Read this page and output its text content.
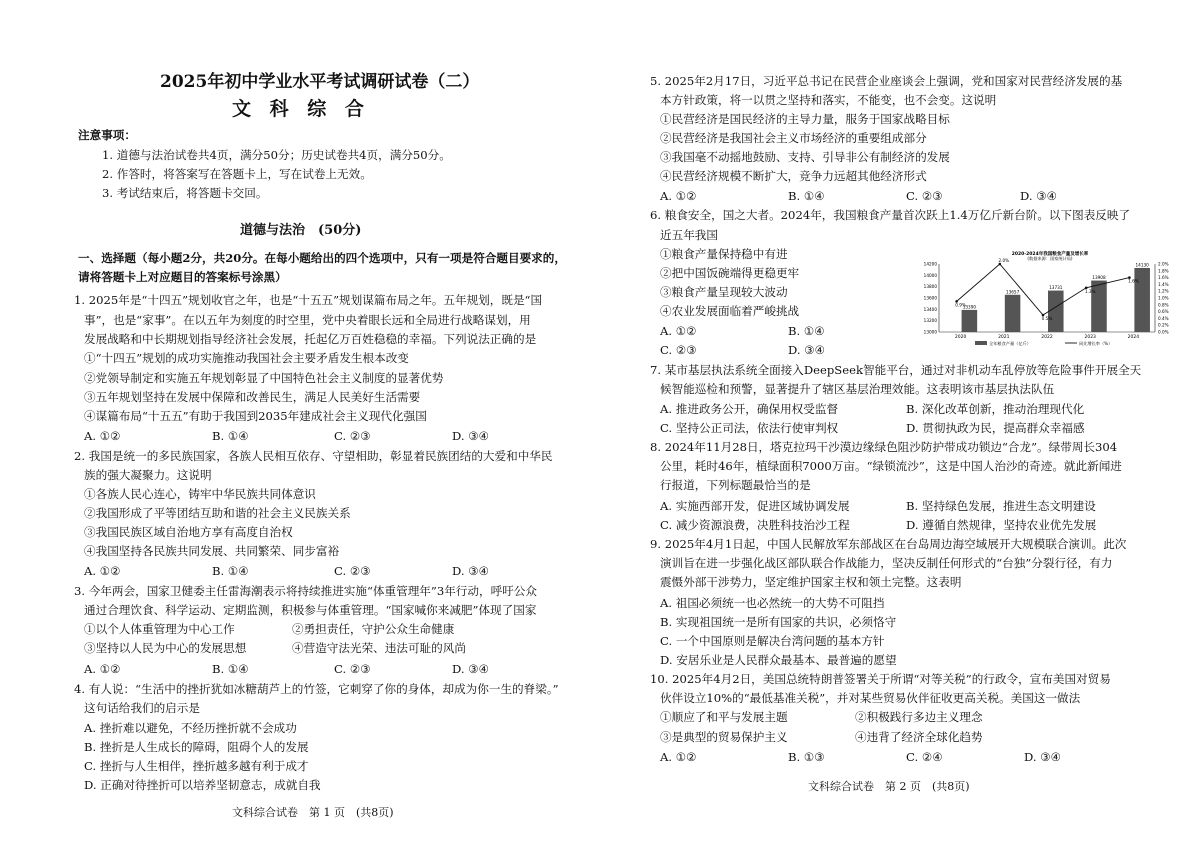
2025年初中学业水平考试调研试卷（二）
文 科 综 合
注意事项：
1. 道德与法治试卷共4页，满分50分；历史试卷共4页，满分50分。
2. 作答时，将答案写在答题卡上，写在试卷上无效。
3. 考试结束后，将答题卡交回。
道德与法治　(50分)
一、选择题（每小题2分，共20分。在每小题给出的四个选项中，只有一项是符合题目要求的，
请将答题卡上对应题目的答案标号涂黑）
1. 2025年是“十四五”规划收官之年，也是“十五五”规划谋篇布局之年。五年规划，既是“国
事”，也是“家事”。在以五年为刻度的时空里，党中央着眼长远和全局进行战略谋划，用
发展战略和中长期规划指导经济社会发展，托起亿万百姓稳稳的幸福。下列说法正确的是
①“十四五”规划的成功实施推动我国社会主要矛盾发生根本改变
②党领导制定和实施五年规划彰显了中国特色社会主义制度的显著优势
③五年规划坚持在发展中保障和改善民生，满足人民美好生活需要
④谋篇布局“十五五”有助于我国到2035年建成社会主义现代化强国
A. ①②	B. ①④	C. ②③	D. ③④
2. 我国是统一的多民族国家，各族人民相互依存、守望相助，彰显着民族团结的大爱和中华民
族的强大凝聚力。这说明
①各族人民心连心，铸牢中华民族共同体意识
②我国形成了平等团结互助和谐的社会主义民族关系
③我国民族区域自治地方享有高度自治权
④我国坚持各民族共同发展、共同繁荣、同步富裕
A. ①②	B. ①④	C. ②③	D. ③④
3. 今年两会，国家卫健委主任雷海潮表示将持续推进实施“体重管理年”3年行动，呼吁公众
通过合理饮食、科学运动、定期监测，积极参与体重管理。“国家喊你来减肥”体现了国家
①以个人体重管理为中心工作	②勇担责任，守护公众生命健康
③坚持以人民为中心的发展思想	④营造守法光荣、违法可耻的风尚
A. ①②	B. ①④	C. ②③	D. ③④
4. 有人说：“生活中的挫折犹如冰糖葫芦上的竹签，它刺穿了你的身体，却成为你一生的脊梁。”
这句话给我们的启示是
A. 挫折难以避免，不经历挫折就不会成功
B. 挫折是人生成长的障碍，阻碍个人的发展
C. 挫折与人生相伴，挫折越多越有利于成才
D. 正确对待挫折可以培养坚韧意志，成就自我
文科综合试卷　第 1 页　(共8页)
5. 2025年2月17日，习近平总书记在民营企业座谈会上强调，党和国家对民营经济发展的基
本方针政策，将一以贯之坚持和落实，不能变，也不会变。这说明
①民营经济是国民经济的主导力量，服务于国家战略目标
②民营经济是我国社会主义市场经济的重要组成部分
③我国毫不动摇地鼓励、支持、引导非公有制经济的发展
④民营经济规模不断扩大，竞争力远超其他经济形式
A. ①②	B. ①④	C. ②③	D. ③④
6. 粮食安全，国之大者。2024年，我国粮食产量首次跃上1.4万亿斤新台阶。以下图表反映了
近五年我国
①粮食产量保持稳中有进
②把中国饭碗端得更稳更牢
③粮食产量呈现较大波动
④农业发展面临着严峻挑战
A. ①②	B. ①④
C. ②③	D. ③④
2020-2024年我国粮食产量及增长率
(数据来源：国家统计局)
13000
13200
13400
13600
13800
14000
14200
0.0%
0.2%
0.4%
0.6%
0.8%
1.0%
1.2%
1.4%
1.6%
1.8%
2.0%
13390
2020
13657
2021
13731
2022
13908
2023
14130
2024
0.9%
2.0%
0.5%
1.3%
1.6%
全年粮食产量（亿斤）	同比增长率（%）
7. 某市基层执法系统全面接入DeepSeek智能平台，通过对非机动车乱停放等危险事件开展全天
候智能巡检和预警，显著提升了辖区基层治理效能。这表明该市基层执法队伍
A. 推进政务公开，确保用权受监督	B. 深化改革创新，推动治理现代化
C. 坚持公正司法，依法行使审判权	D. 贯彻执政为民，提高群众幸福感
8. 2024年11月28日，塔克拉玛干沙漠边缘绿色阻沙防护带成功锁边“合龙”。绿带周长304
公里，耗时46年，植绿面积7000万亩。“绿锁流沙”，这是中国人治沙的奇迹。就此新闻进
行报道，下列标题最恰当的是
A. 实施西部开发，促进区域协调发展	B. 坚持绿色发展，推进生态文明建设
C. 减少资源浪费，决胜科技治沙工程	D. 遵循自然规律，坚持农业优先发展
9. 2025年4月1日起，中国人民解放军东部战区在台岛周边海空域展开大规模联合演训。此次
演训旨在进一步强化战区部队联合作战能力，坚决反制任何形式的“台独”分裂行径，有力
震慑外部干涉势力，坚定维护国家主权和领土完整。这表明
A. 祖国必须统一也必然统一的大势不可阻挡
B. 实现祖国统一是所有国家的共识，必须恪守
C. 一个中国原则是解决台湾问题的基本方针
D. 安居乐业是人民群众最基本、最普遍的愿望
10. 2025年4月2日，美国总统特朗普签署关于所谓“对等关税”的行政令，宣布美国对贸易
伙伴设立10%的“最低基准关税”，并对某些贸易伙伴征收更高关税。美国这一做法
①顺应了和平与发展主题	②积极践行多边主义理念
③是典型的贸易保护主义	④违背了经济全球化趋势
A. ①②	B. ①③	C. ②④	D. ③④
文科综合试卷　第 2 页　(共8页)
